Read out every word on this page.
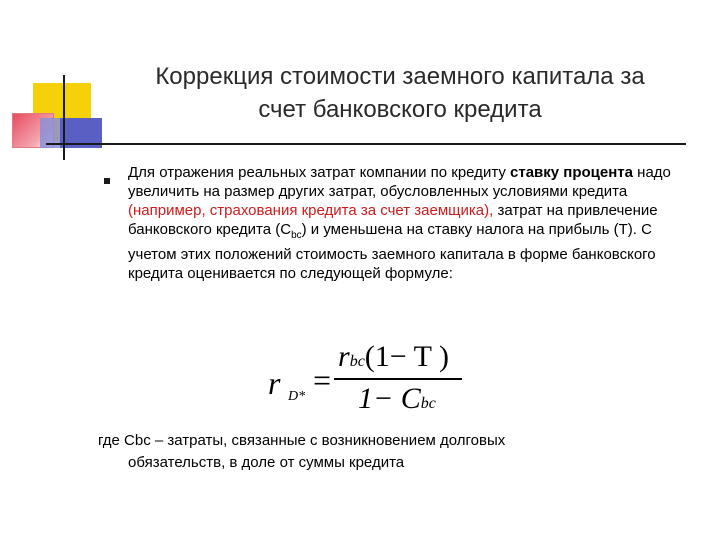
Коррекция стоимости заемного капитала за
счет банковского кредита
Для отражения реальных затрат компании по кредиту ставку процента надо увеличить на размер других затрат, обусловленных условиями кредита (например, страхования кредита за счет заемщика), затрат на привлечение банковского кредита $(С_{bc})$ и уменьшена на ставку налога на прибыль (Т). С учетом этих положений стоимость заемного капитала в форме банковского кредита оценивается по следующей формуле:
r D* =
rbc(1− T )
1− Cbc
где Cbc – затраты, связанные с возникновением долговых
обязательств, в доле от суммы кредита
